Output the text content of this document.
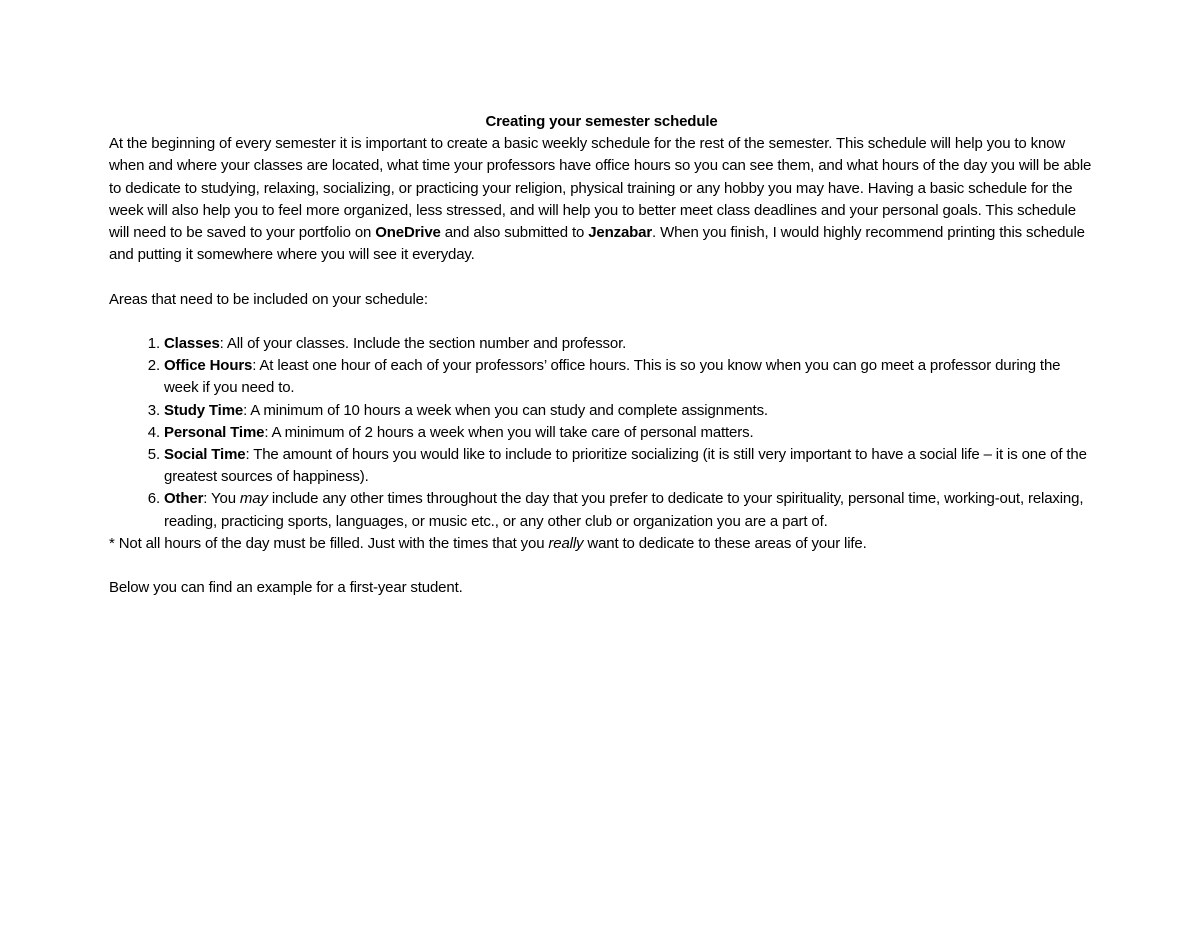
Creating your semester schedule

At the beginning of every semester it is important to create a basic weekly schedule for the rest of the semester. This schedule will help you to know when and where your classes are located, what time your professors have office hours so you can see them, and what hours of the day you will be able to dedicate to studying, relaxing, socializing, or practicing your religion, physical training or any hobby you may have. Having a basic schedule for the week will also help you to feel more organized, less stressed, and will help you to better meet class deadlines and your personal goals. This schedule will need to be saved to your portfolio on OneDrive and also submitted to Jenzabar. When you finish, I would highly recommend printing this schedule and putting it somewhere where you will see it everyday.

Areas that need to be included on your schedule:

1. Classes: All of your classes. Include the section number and professor.
2. Office Hours: At least one hour of each of your professors’ office hours. This is so you know when you can go meet a professor during the week if you need to.
3. Study Time: A minimum of 10 hours a week when you can study and complete assignments.
4. Personal Time: A minimum of 2 hours a week when you will take care of personal matters.
5. Social Time: The amount of hours you would like to include to prioritize socializing (it is still very important to have a social life – it is one of the greatest sources of happiness).
6. Other: You may include any other times throughout the day that you prefer to dedicate to your spirituality, personal time, working-out, relaxing, reading, practicing sports, languages, or music etc., or any other club or organization you are a part of.

* Not all hours of the day must be filled. Just with the times that you really want to dedicate to these areas of your life.

Below you can find an example for a first-year student.
